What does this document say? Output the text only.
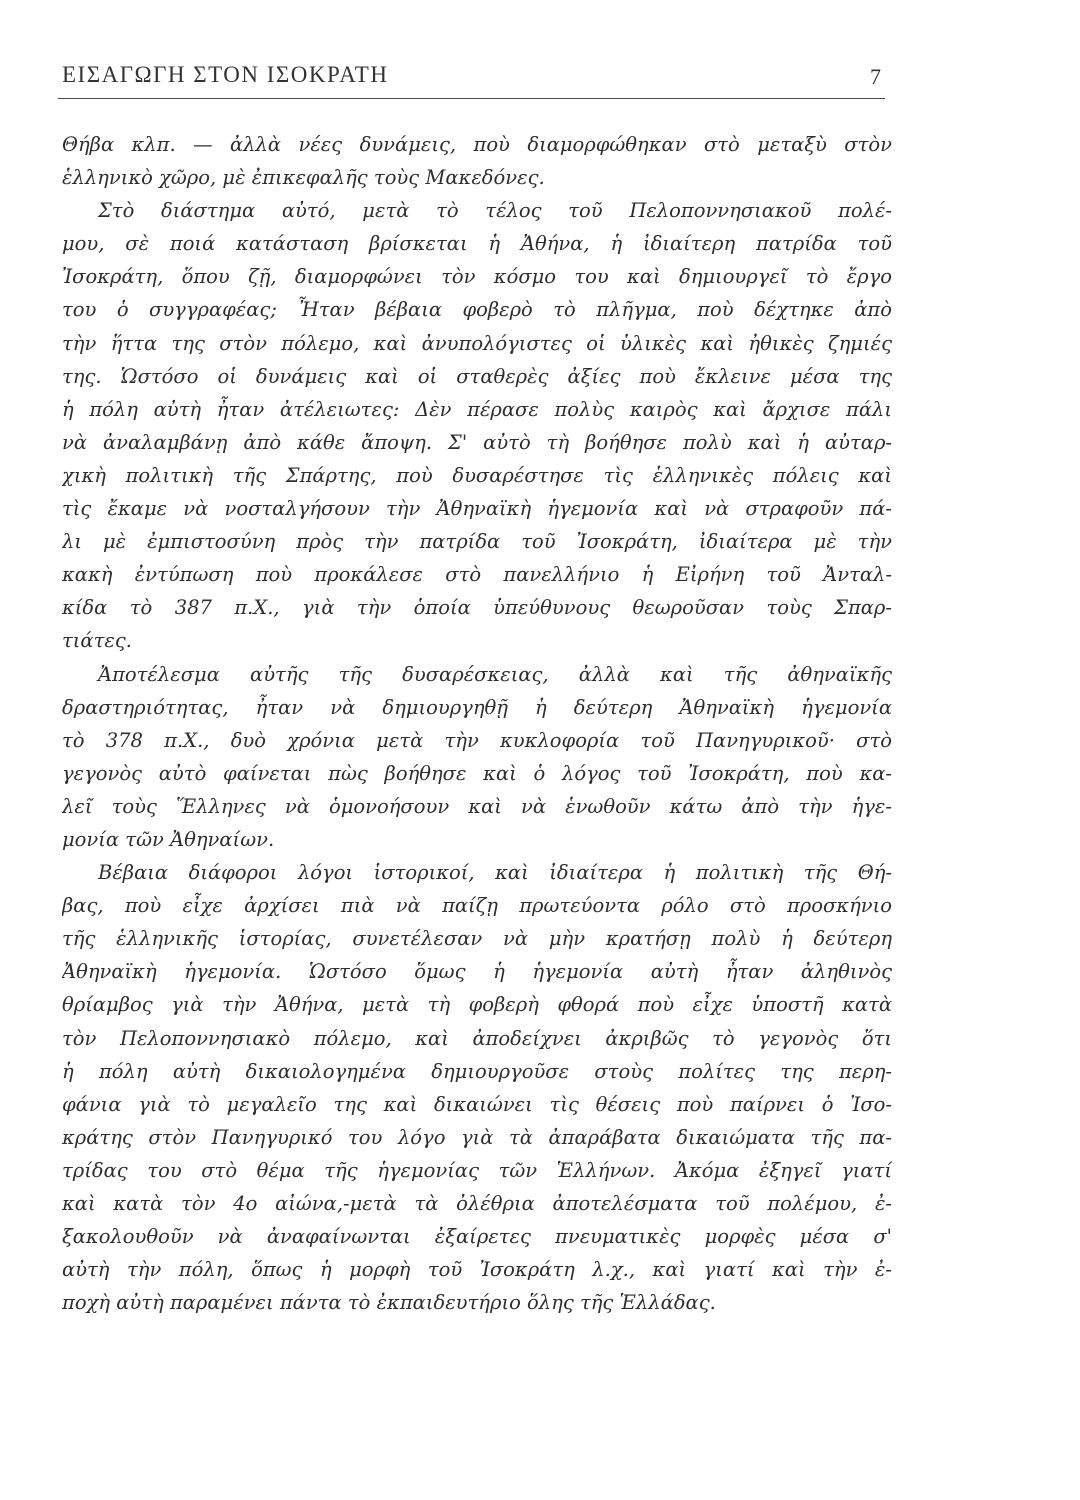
ΕΙΣΑΓΩΓΗ ΣΤΟΝ ΙΣΟΚΡΑΤΗ	7
Θήβα κλπ. — ἀλλὰ νέες δυνάμεις, ποὺ διαμορφώθηκαν στὸ μεταξὺ στὸν
ἑλληνικὸ χῶρο, μὲ ἐπικεφαλῆς τοὺς Μακεδόνες.
Στὸ διάστημα αὐτό, μετὰ τὸ τέλος τοῦ Πελοποννησιακοῦ πολέ-
μου, σὲ ποιά κατάσταση βρίσκεται ἡ Ἀθήνα, ἡ ἰδιαίτερη πατρίδα τοῦ
Ἰσοκράτη, ὅπου ζῇ, διαμορφώνει τὸν κόσμο του καὶ δημιουργεῖ τὸ ἔργο
του ὁ συγγραφέας; Ἦταν βέβαια φοβερὸ τὸ πλῆγμα, ποὺ δέχτηκε ἀπὸ
τὴν ἥττα της στὸν πόλεμο, καὶ ἀνυπολόγιστες οἱ ὑλικὲς καὶ ἠθικὲς ζημιές
της. Ὡστόσο οἱ δυνάμεις καὶ οἱ σταθερὲς ἀξίες ποὺ ἔκλεινε μέσα της
ἡ πόλη αὐτὴ ἦταν ἀτέλειωτες: Δὲν πέρασε πολὺς καιρὸς καὶ ἄρχισε πάλι
νὰ ἀναλαμβάνῃ ἀπὸ κάθε ἄποψη. Σ' αὐτὸ τὴ βοήθησε πολὺ καὶ ἡ αὐταρ-
χικὴ πολιτικὴ τῆς Σπάρτης, ποὺ δυσαρέστησε τὶς ἑλληνικὲς πόλεις καὶ
τὶς ἔκαμε νὰ νοσταλγήσουν τὴν Ἀθηναϊκὴ ἡγεμονία καὶ νὰ στραφοῦν πά-
λι μὲ ἐμπιστοσύνη πρὸς τὴν πατρίδα τοῦ Ἰσοκράτη, ἰδιαίτερα μὲ τὴν
κακὴ ἐντύπωση ποὺ προκάλεσε στὸ πανελλήνιο ἡ Εἰρήνη τοῦ Ἀνταλ-
κίδα τὸ 387 π.Χ., γιὰ τὴν ὁποία ὑπεύθυνους θεωροῦσαν τοὺς Σπαρ-
τιάτες.
Ἀποτέλεσμα αὐτῆς τῆς δυσαρέσκειας, ἀλλὰ καὶ τῆς ἀθηναϊκῆς
δραστηριότητας, ἦταν νὰ δημιουργηθῇ ἡ δεύτερη Ἀθηναϊκὴ ἡγεμονία
τὸ 378 π.Χ., δυὸ χρόνια μετὰ τὴν κυκλοφορία τοῦ Πανηγυρικοῦ· στὸ
γεγονὸς αὐτὸ φαίνεται πὼς βοήθησε καὶ ὁ λόγος τοῦ Ἰσοκράτη, ποὺ κα-
λεῖ τοὺς Ἕλληνες νὰ ὁμονοήσουν καὶ νὰ ἑνωθοῦν κάτω ἀπὸ τὴν ἡγε-
μονία τῶν Ἀθηναίων.
Βέβαια διάφοροι λόγοι ἱστορικοί, καὶ ἰδιαίτερα ἡ πολιτικὴ τῆς Θή-
βας, ποὺ εἶχε ἀρχίσει πιὰ νὰ παίζῃ πρωτεύοντα ρόλο στὸ προσκήνιο
τῆς ἑλληνικῆς ἱστορίας, συνετέλεσαν νὰ μὴν κρατήσῃ πολὺ ἡ δεύτερη
Ἀθηναϊκὴ ἡγεμονία. Ὡστόσο ὅμως ἡ ἡγεμονία αὐτὴ ἦταν ἀληθινὸς
θρίαμβος γιὰ τὴν Ἀθήνα, μετὰ τὴ φοβερὴ φθορά ποὺ εἶχε ὑποστῆ κατὰ
τὸν Πελοποννησιακὸ πόλεμο, καὶ ἀποδείχνει ἀκριβῶς τὸ γεγονὸς ὅτι
ἡ πόλη αὐτὴ δικαιολογημένα δημιουργοῦσε στοὺς πολίτες της περη-
φάνια γιὰ τὸ μεγαλεῖο της καὶ δικαιώνει τὶς θέσεις ποὺ παίρνει ὁ Ἰσο-
κράτης στὸν Πανηγυρικό του λόγο γιὰ τὰ ἀπαράβατα δικαιώματα τῆς πα-
τρίδας του στὸ θέμα τῆς ἡγεμονίας τῶν Ἑλλήνων. Ἀκόμα ἐξηγεῖ γιατί
καὶ κατὰ τὸν 4ο αἰώνα,-μετὰ τὰ ὀλέθρια ἀποτελέσματα τοῦ πολέμου, ἐ-
ξακολουθοῦν νὰ ἀναφαίνωνται ἐξαίρετες πνευματικὲς μορφὲς μέσα σ'
αὐτὴ τὴν πόλη, ὅπως ἡ μορφὴ τοῦ Ἰσοκράτη λ.χ., καὶ γιατί καὶ τὴν ἐ-
ποχὴ αὐτὴ παραμένει πάντα τὸ ἐκπαιδευτήριο ὅλης τῆς Ἑλλάδας.
